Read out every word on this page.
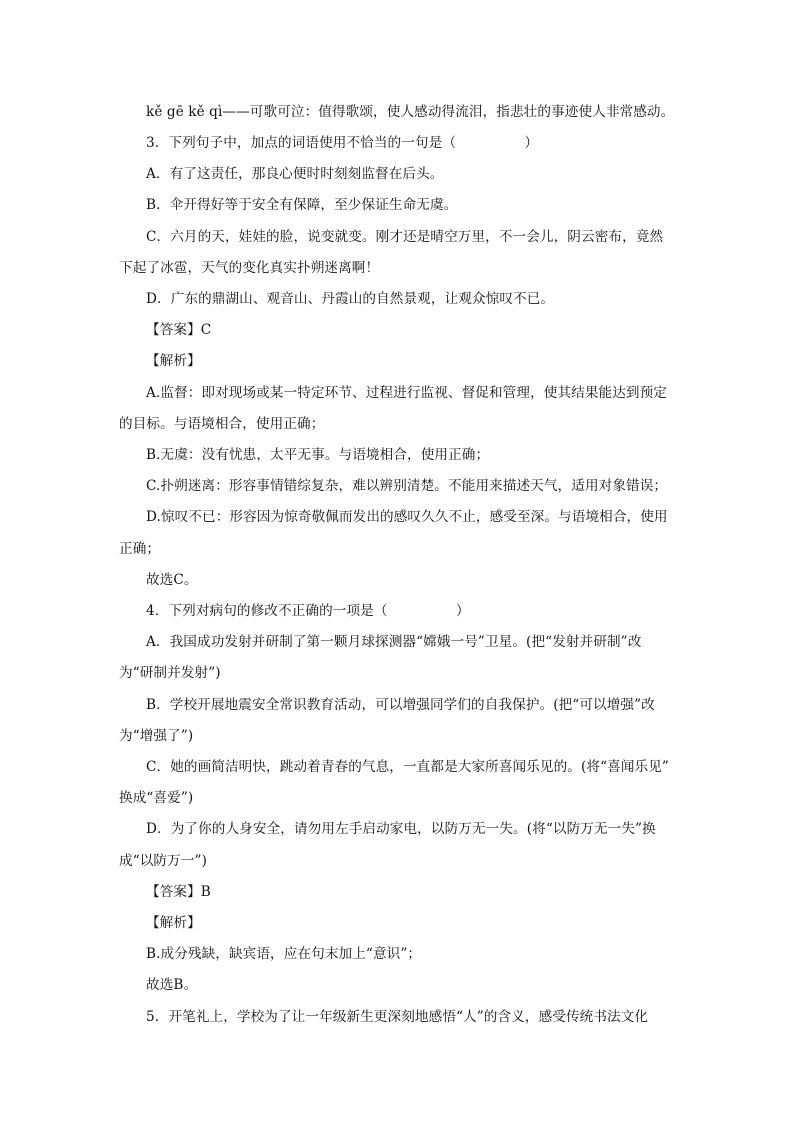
kě gē kě qì——可歌可泣：值得歌颂，使人感动得流泪，指悲壮的事迹使人非常感动。
3．下列句子中，加点的词语使用不恰当的一句是（　　　　　）
A．有了这责任，那良心便时时刻刻监督在后头。
B．伞开得好等于安全有保障，至少保证生命无虞。
C．六月的天，娃娃的脸，说变就变。刚才还是晴空万里，不一会儿，阴云密布，竟然
下起了冰雹，天气的变化真实扑朔迷离啊！
D．广东的鼎湖山、观音山、丹霞山的自然景观，让观众惊叹不已。
【答案】C
【解析】
A.监督：即对现场或某一特定环节、过程进行监视、督促和管理，使其结果能达到预定
的目标。与语境相合，使用正确；
B.无虞：没有忧患，太平无事。与语境相合，使用正确；
C.扑朔迷离：形容事情错综复杂，难以辨别清楚。不能用来描述天气，适用对象错误；
D.惊叹不已：形容因为惊奇敬佩而发出的感叹久久不止，感受至深。与语境相合，使用
正确；
故选C。
4．下列对病句的修改不正确的一项是（　　　　　）
A．我国成功发射并研制了第一颗月球探测器“嫦娥一号”卫星。(把“发射并研制”改
为“研制并发射”)
B．学校开展地震安全常识教育活动，可以增强同学们的自我保护。(把“可以增强”改
为“增强了”)
C．她的画简洁明快，跳动着青春的气息，一直都是大家所喜闻乐见的。(将“喜闻乐见”
换成“喜爱”)
D．为了你的人身安全，请勿用左手启动家电，以防万无一失。(将“以防万无一失”换
成“以防万一”)
【答案】B
【解析】
B.成分残缺，缺宾语，应在句末加上“意识”；
故选B。
5．开笔礼上，学校为了让一年级新生更深刻地感悟“人”的含义，感受传统书法文化
